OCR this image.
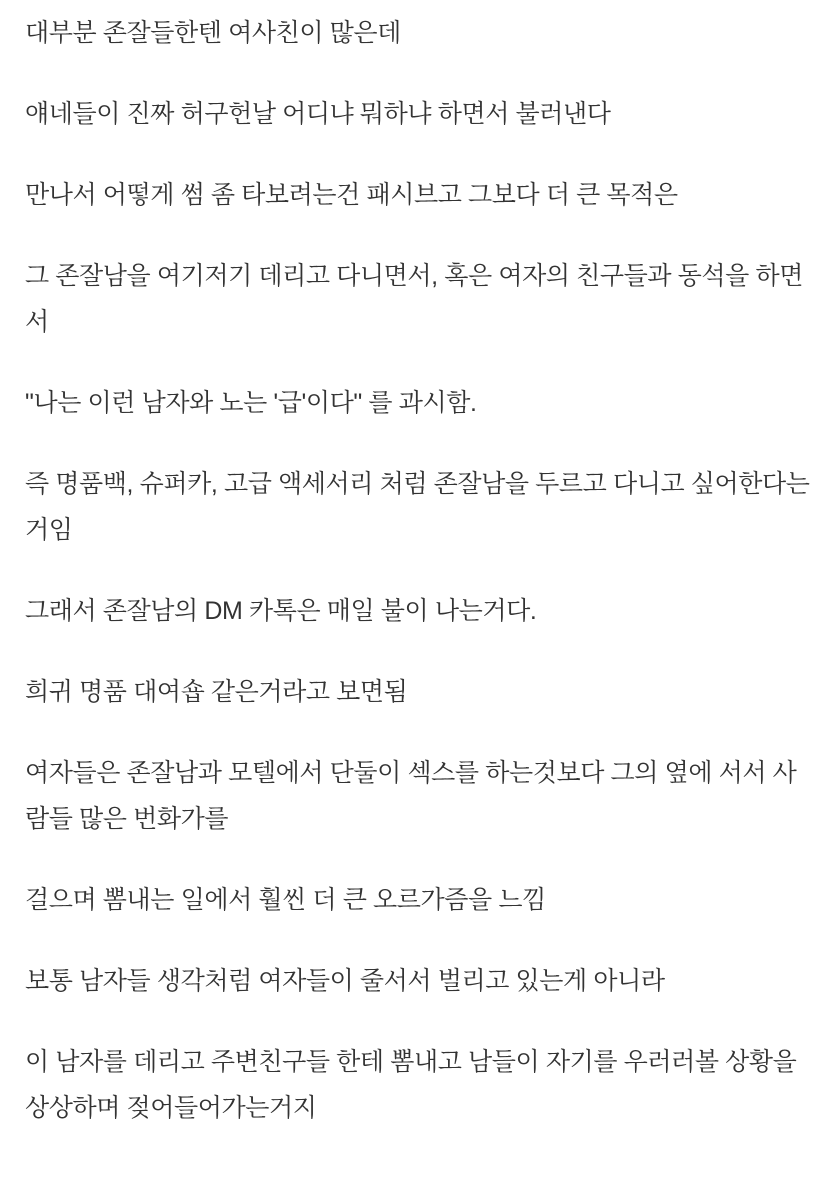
대부분 존잘들한텐 여사친이 많은데

얘네들이 진짜 허구헌날 어디냐 뭐하냐 하면서 불러낸다

만나서 어떻게 썸 좀 타보려는건 패시브고 그보다 더 큰 목적은

그 존잘남을 여기저기 데리고 다니면서, 혹은 여자의 친구들과 동석을 하면서

"나는 이런 남자와 노는 '급'이다" 를 과시함.

즉 명품백, 슈퍼카, 고급 액세서리 처럼 존잘남을 두르고 다니고 싶어한다는 거임

그래서 존잘남의 DM 카톡은 매일 불이 나는거다.

희귀 명품 대여숍 같은거라고 보면됨

여자들은 존잘남과 모텔에서 단둘이 섹스를 하는것보다 그의 옆에 서서 사람들 많은 번화가를

걸으며 뽐내는 일에서 훨씬 더 큰 오르가즘을 느낌

보통 남자들 생각처럼 여자들이 줄서서 벌리고 있는게 아니라

이 남자를 데리고 주변친구들 한테 뽐내고 남들이 자기를 우러러볼 상황을 상상하며 젖어들어가는거지
